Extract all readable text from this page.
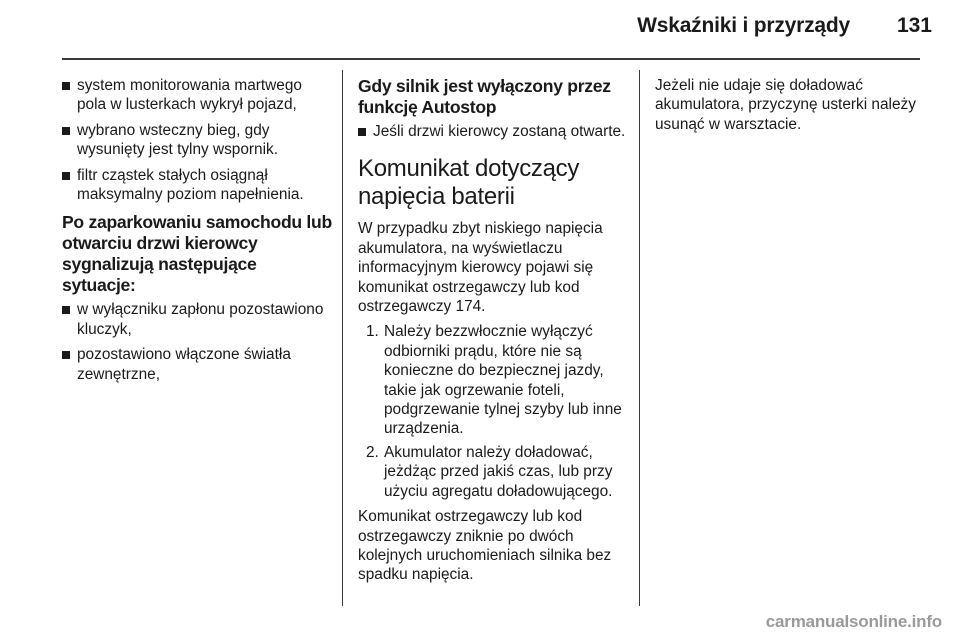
Wskaźniki i przyrządy	131
system monitorowania martwego pola w lusterkach wykrył pojazd,
wybrano wsteczny bieg, gdy wysunięty jest tylny wspornik.
filtr cząstek stałych osiągnął maksymalny poziom napełnienia.
Po zaparkowaniu samochodu lub otwarciu drzwi kierowcy sygnalizują następujące sytuacje:
w wyłączniku zapłonu pozostawiono kluczyk,
pozostawiono włączone światła zewnętrzne,
Gdy silnik jest wyłączony przez funkcję Autostop
Jeśli drzwi kierowcy zostaną otwarte.
Komunikat dotyczący napięcia baterii

W przypadku zbyt niskiego napięcia akumulatora, na wyświetlaczu informacyjnym kierowcy pojawi się komunikat ostrzegawczy lub kod ostrzegawczy 174.

1. Należy bezzwłocznie wyłączyć odbiorniki prądu, które nie są konieczne do bezpiecznej jazdy, takie jak ogrzewanie foteli, podgrzewanie tylnej szyby lub inne urządzenia.
2. Akumulator należy doładować, jeżdżąc przed jakiś czas, lub przy użyciu agregatu doładowującego.

Komunikat ostrzegawczy lub kod ostrzegawczy zniknie po dwóch kolejnych uruchomieniach silnika bez spadku napięcia.

Jeżeli nie udaje się doładować akumulatora, przyczynę usterki należy usunąć w warsztacie.

carmanualsonline.info
